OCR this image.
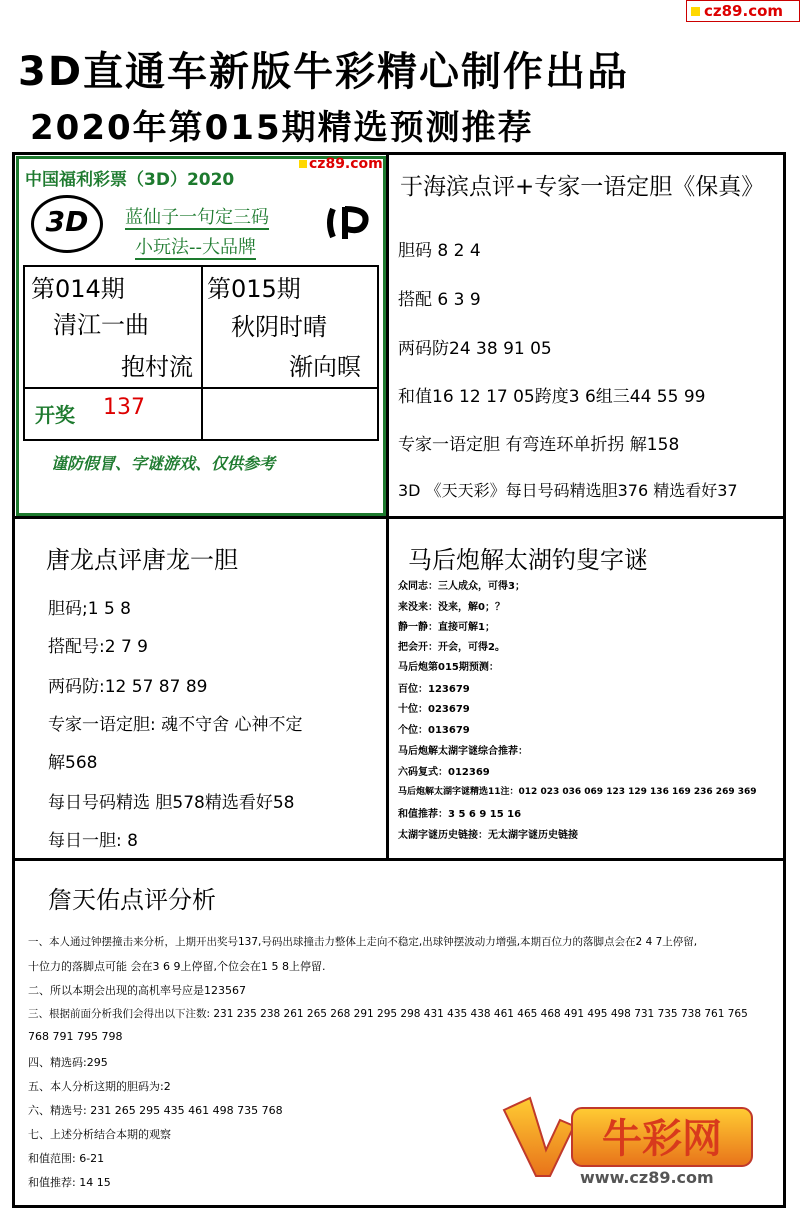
cz89.com
3D直通车新版牛彩精心制作出品
2020年第015期精选预测推荐
中国福利彩票（3D）2020
cz89.com
3D	蓝仙子一句定三码
小玩法--大品牌
第014期
清江一曲
抱村流
第015期
秋阴时晴
渐向暝
开奖 137
谨防假冒、字谜游戏、仅供参考
于海滨点评+专家一语定胆《保真》
胆码 8 2 4
搭配 6 3 9
两码防24 38 91 05
和值16 12 17 05跨度3 6组三44 55 99
专家一语定胆 有弯连环单折拐 解158
3D 《天天彩》每日号码精选胆376 精选看好37
唐龙点评唐龙一胆
胆码;1 5 8
搭配号:2 7 9
两码防:12 57 87 89
专家一语定胆: 魂不守舍 心神不定
解568
每日号码精选 胆578精选看好58
每日一胆: 8
马后炮解太湖钓叟字谜
众同志：三人成众，可得3；
来没来：没来，解0；？
静一静：直接可解1；
把会开：开会，可得2。
马后炮第015期预测：
百位：123679
十位：023679
个位：013679
马后炮解太湖字谜综合推荐：
六码复式：012369
马后炮解太湖字谜精选11注：012 023 036 069 123 129 136 169 236 269 369
和值推荐：3 5 6 9 15 16
太湖字谜历史链接：无太湖字谜历史链接
詹天佑点评分析
一、本人通过钟摆撞击来分析，上期开出奖号137,号码出球撞击力整体上走向不稳定,出球钟摆波动力增强,本期百位力的落脚点会在2 4 7上停留,
十位力的落脚点可能 会在3 6 9上停留,个位会在1 5 8上停留.
二、所以本期会出现的高机率号应是123567
三、根据前面分析我们会得出以下注数: 231 235 238 261 265 268 291 295 298 431 435 438 461 465 468 491 495 498 731 735 738 761 765
768 791 795 798
四、精选码:295
五、本人分析这期的胆码为:2
六、精选号: 231 265 295 435 461 498 735 768
七、上述分析结合本期的观察
和值范围: 6-21
和值推荐: 14 15
牛彩网
www.cz89.com
